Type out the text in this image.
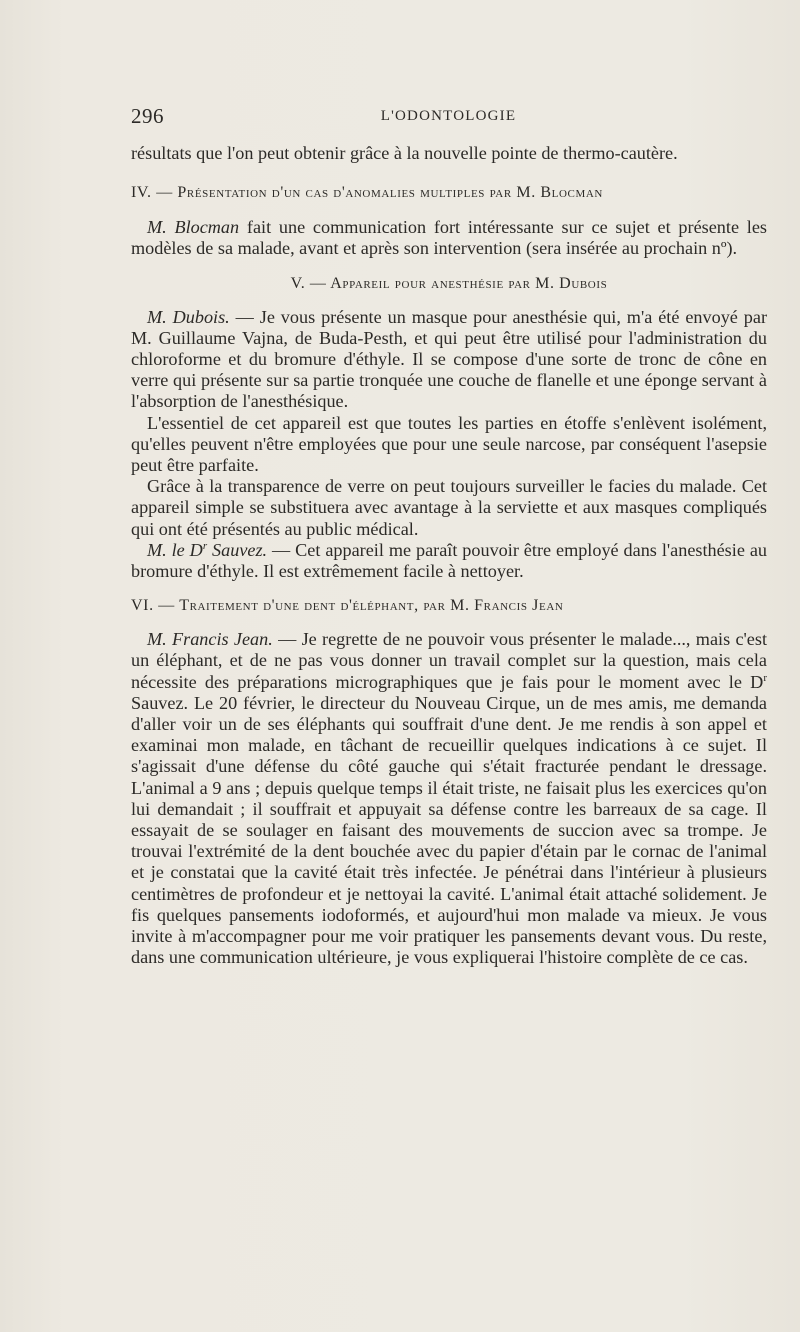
296	L'ODONTOLOGIE

résultats que l'on peut obtenir grâce à la nouvelle pointe de thermo-cautère.

IV. — Présentation d'un cas d'anomalies multiples par M. Blocman

M. Blocman fait une communication fort intéressante sur ce sujet et présente les modèles de sa malade, avant et après son intervention (sera insérée au prochain nº).

V. — Appareil pour anesthésie par M. Dubois

M. Dubois. — Je vous présente un masque pour anesthésie qui, m'a été envoyé par M. Guillaume Vajna, de Buda-Pesth, et qui peut être utilisé pour l'administration du chloroforme et du bromure d'éthyle. Il se compose d'une sorte de tronc de cône en verre qui présente sur sa partie tronquée une couche de flanelle et une éponge servant à l'absorption de l'anesthésique.

L'essentiel de cet appareil est que toutes les parties en étoffe s'enlèvent isolément, qu'elles peuvent n'être employées que pour une seule narcose, par conséquent l'asepsie peut être parfaite.

Grâce à la transparence de verre on peut toujours surveiller le facies du malade. Cet appareil simple se substituera avec avantage à la serviette et aux masques compliqués qui ont été présentés au public médical.

M. le $D^r$ Sauvez. — Cet appareil me paraît pouvoir être employé dans l'anesthésie au bromure d'éthyle. Il est extrêmement facile à nettoyer.

VI. — Traitement d'une dent d'éléphant, par M. Francis Jean

M. Francis Jean. — Je regrette de ne pouvoir vous présenter le malade..., mais c'est un éléphant, et de ne pas vous donner un travail complet sur la question, mais cela nécessite des préparations micrographiques que je fais pour le moment avec le $D^r$ Sauvez. Le 20 février, le directeur du Nouveau Cirque, un de mes amis, me demanda d'aller voir un de ses éléphants qui souffrait d'une dent. Je me rendis à son appel et examinai mon malade, en tâchant de recueillir quelques indications à ce sujet. Il s'agissait d'une défense du côté gauche qui s'était fracturée pendant le dressage. L'animal a 9 ans ; depuis quelque temps il était triste, ne faisait plus les exercices qu'on lui demandait ; il souffrait et appuyait sa défense contre les barreaux de sa cage. Il essayait de se soulager en faisant des mouvements de succion avec sa trompe. Je trouvai l'extrémité de la dent bouchée avec du papier d'étain par le cornac de l'animal et je constatai que la cavité était très infectée. Je pénétrai dans l'intérieur à plusieurs centimètres de profondeur et je nettoyai la cavité. L'animal était attaché solidement. Je fis quelques pansements iodoformés, et aujourd'hui mon malade va mieux. Je vous invite à m'accompagner pour me voir pratiquer les pansements devant vous. Du reste, dans une communication ultérieure, je vous expliquerai l'histoire complète de ce cas.
